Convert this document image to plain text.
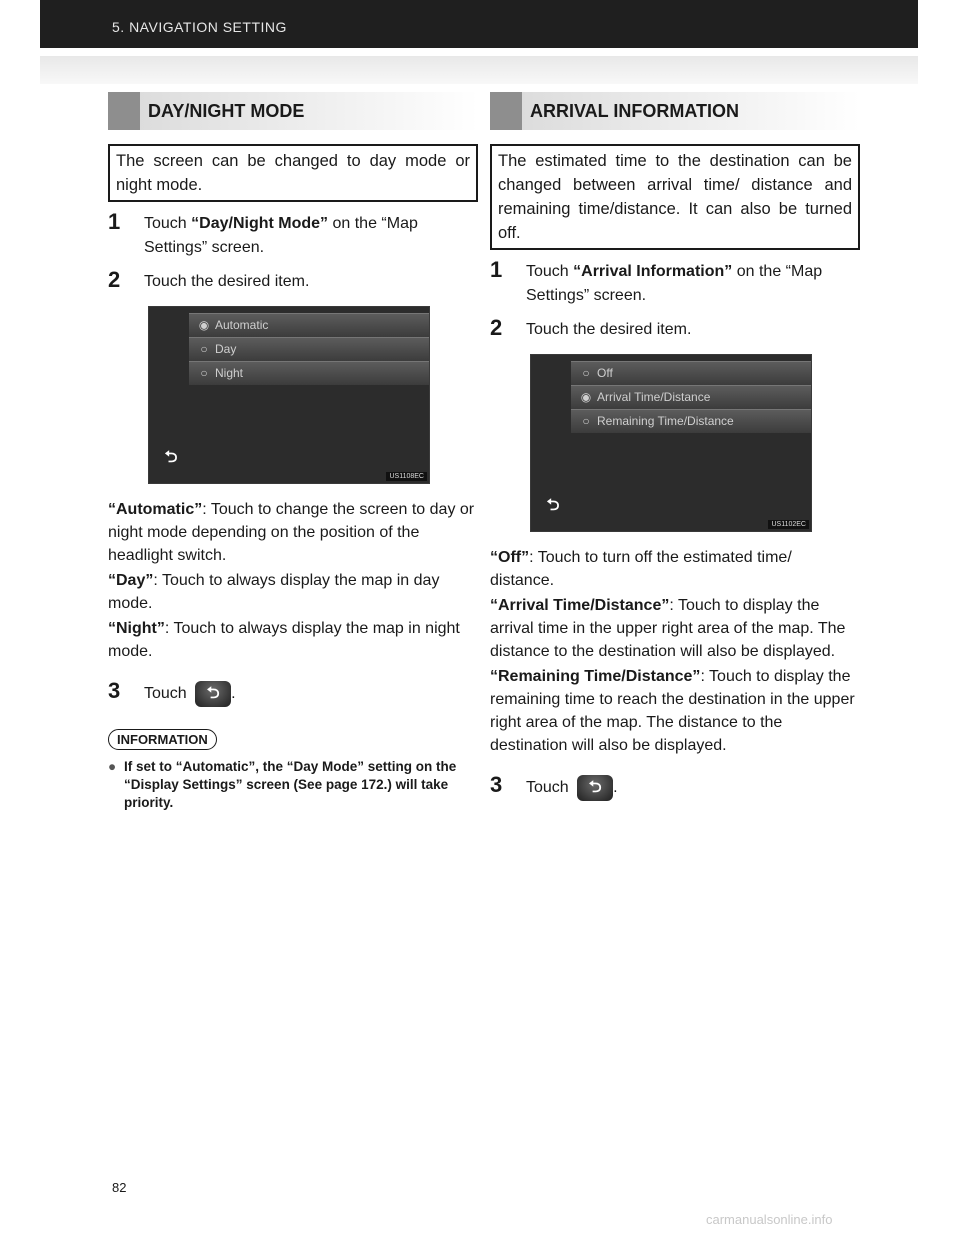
5. NAVIGATION SETTING
DAY/NIGHT MODE
The screen can be changed to day mode or night mode.
1 Touch “Day/Night Mode” on the “Map Settings” screen.
2 Touch the desired item.
◉ Automatic
○ Day
○ Night
⮌
US1108EC

“Automatic”: Touch to change the screen to day or night mode depending on the position of the headlight switch.

“Day”: Touch to always display the map in day mode.

“Night”: Touch to always display the map in night mode.

3 Touch ⮌ .
INFORMATION
● If set to “Automatic”, the “Day Mode” setting on the “Display Settings” screen (See page 172.) will take priority.
ARRIVAL INFORMATION
The estimated time to the destination can be changed between arrival time/ distance and remaining time/distance. It can also be turned off.
1 Touch “Arrival Information” on the “Map Settings” screen.
2 Touch the desired item.
○ Off
◉ Arrival Time/Distance
○ Remaining Time/Distance
⮌
US1102EC

“Off”: Touch to turn off the estimated time/ distance.

“Arrival Time/Distance”: Touch to display the arrival time in the upper right area of the map. The distance to the destination will also be displayed.

“Remaining Time/Distance”: Touch to display the remaining time to reach the destination in the upper right area of the map. The distance to the destination will also be displayed.

3 Touch ⮌ .
82
carmanualsonline.info
